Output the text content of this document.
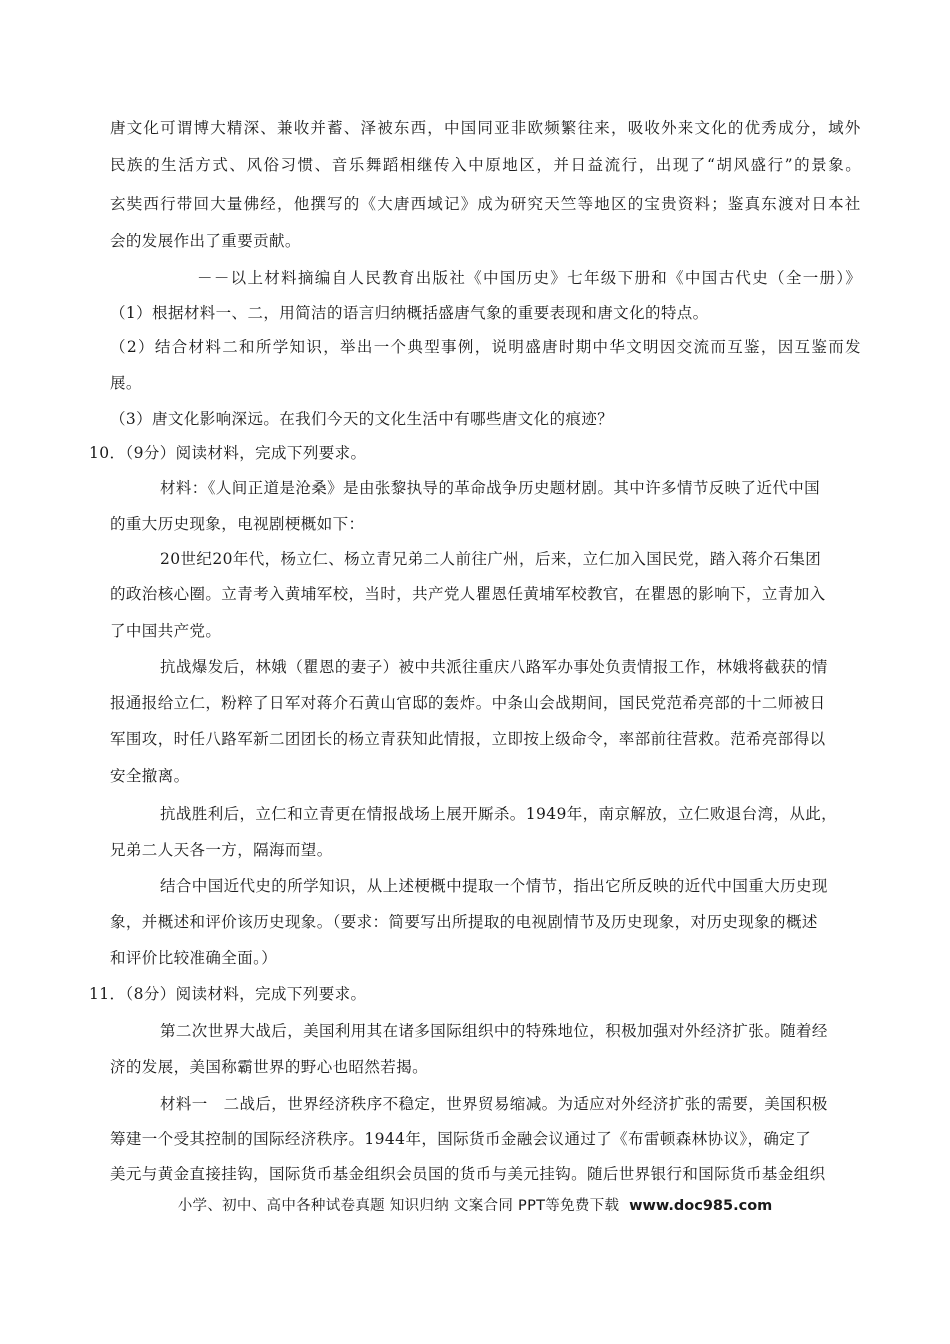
唐文化可谓博大精深、兼收并蓄、泽被东西，中国同亚非欧频繁往来，吸收外来文化的优秀成分，域外
民族的生活方式、风俗习惯、音乐舞蹈相继传入中原地区，并日益流行，出现了“胡风盛行”的景象。
玄奘西行带回大量佛经，他撰写的《大唐西域记》成为研究天竺等地区的宝贵资料；鉴真东渡对日本社
会的发展作出了重要贡献。
－－以上材料摘编自人民教育出版社《中国历史》七年级下册和《中国古代史（全一册）》
（1）根据材料一、二，用简洁的语言归纳概括盛唐气象的重要表现和唐文化的特点。
（2）结合材料二和所学知识，举出一个典型事例，说明盛唐时期中华文明因交流而互鉴，因互鉴而发
展。
（3）唐文化影响深远。在我们今天的文化生活中有哪些唐文化的痕迹？
10．（9分）阅读材料，完成下列要求。
材料：《人间正道是沧桑》是由张黎执导的革命战争历史题材剧。其中许多情节反映了近代中国
的重大历史现象，电视剧梗概如下：
20世纪20年代，杨立仁、杨立青兄弟二人前往广州，后来，立仁加入国民党，踏入蒋介石集团
的政治核心圈。立青考入黄埔军校，当时，共产党人瞿恩任黄埔军校教官，在瞿恩的影响下，立青加入
了中国共产党。
抗战爆发后，林娥（瞿恩的妻子）被中共派往重庆八路军办事处负责情报工作，林娥将截获的情
报通报给立仁，粉粹了日军对蒋介石黄山官邸的轰炸。中条山会战期间，国民党范希亮部的十二师被日
军围攻，时任八路军新二团团长的杨立青获知此情报，立即按上级命令，率部前往营救。范希亮部得以
安全撤离。
抗战胜利后，立仁和立青更在情报战场上展开厮杀。1949年，南京解放，立仁败退台湾，从此，
兄弟二人天各一方，隔海而望。
结合中国近代史的所学知识，从上述梗概中提取一个情节，指出它所反映的近代中国重大历史现
象，并概述和评价该历史现象。（要求：简要写出所提取的电视剧情节及历史现象，对历史现象的概述
和评价比较准确全面。）
11．（8分）阅读材料，完成下列要求。
第二次世界大战后，美国利用其在诸多国际组织中的特殊地位，积极加强对外经济扩张。随着经
济的发展，美国称霸世界的野心也昭然若揭。
材料一　二战后，世界经济秩序不稳定，世界贸易缩减。为适应对外经济扩张的需要，美国积极
筹建一个受其控制的国际经济秩序。1944年，国际货币金融会议通过了《布雷顿森林协议》，确定了
美元与黄金直接挂钩，国际货币基金组织会员国的货币与美元挂钩。随后世界银行和国际货币基金组织
小学、初中、高中各种试卷真题 知识归纳 文案合同 PPT等免费下载 www.doc985.com
